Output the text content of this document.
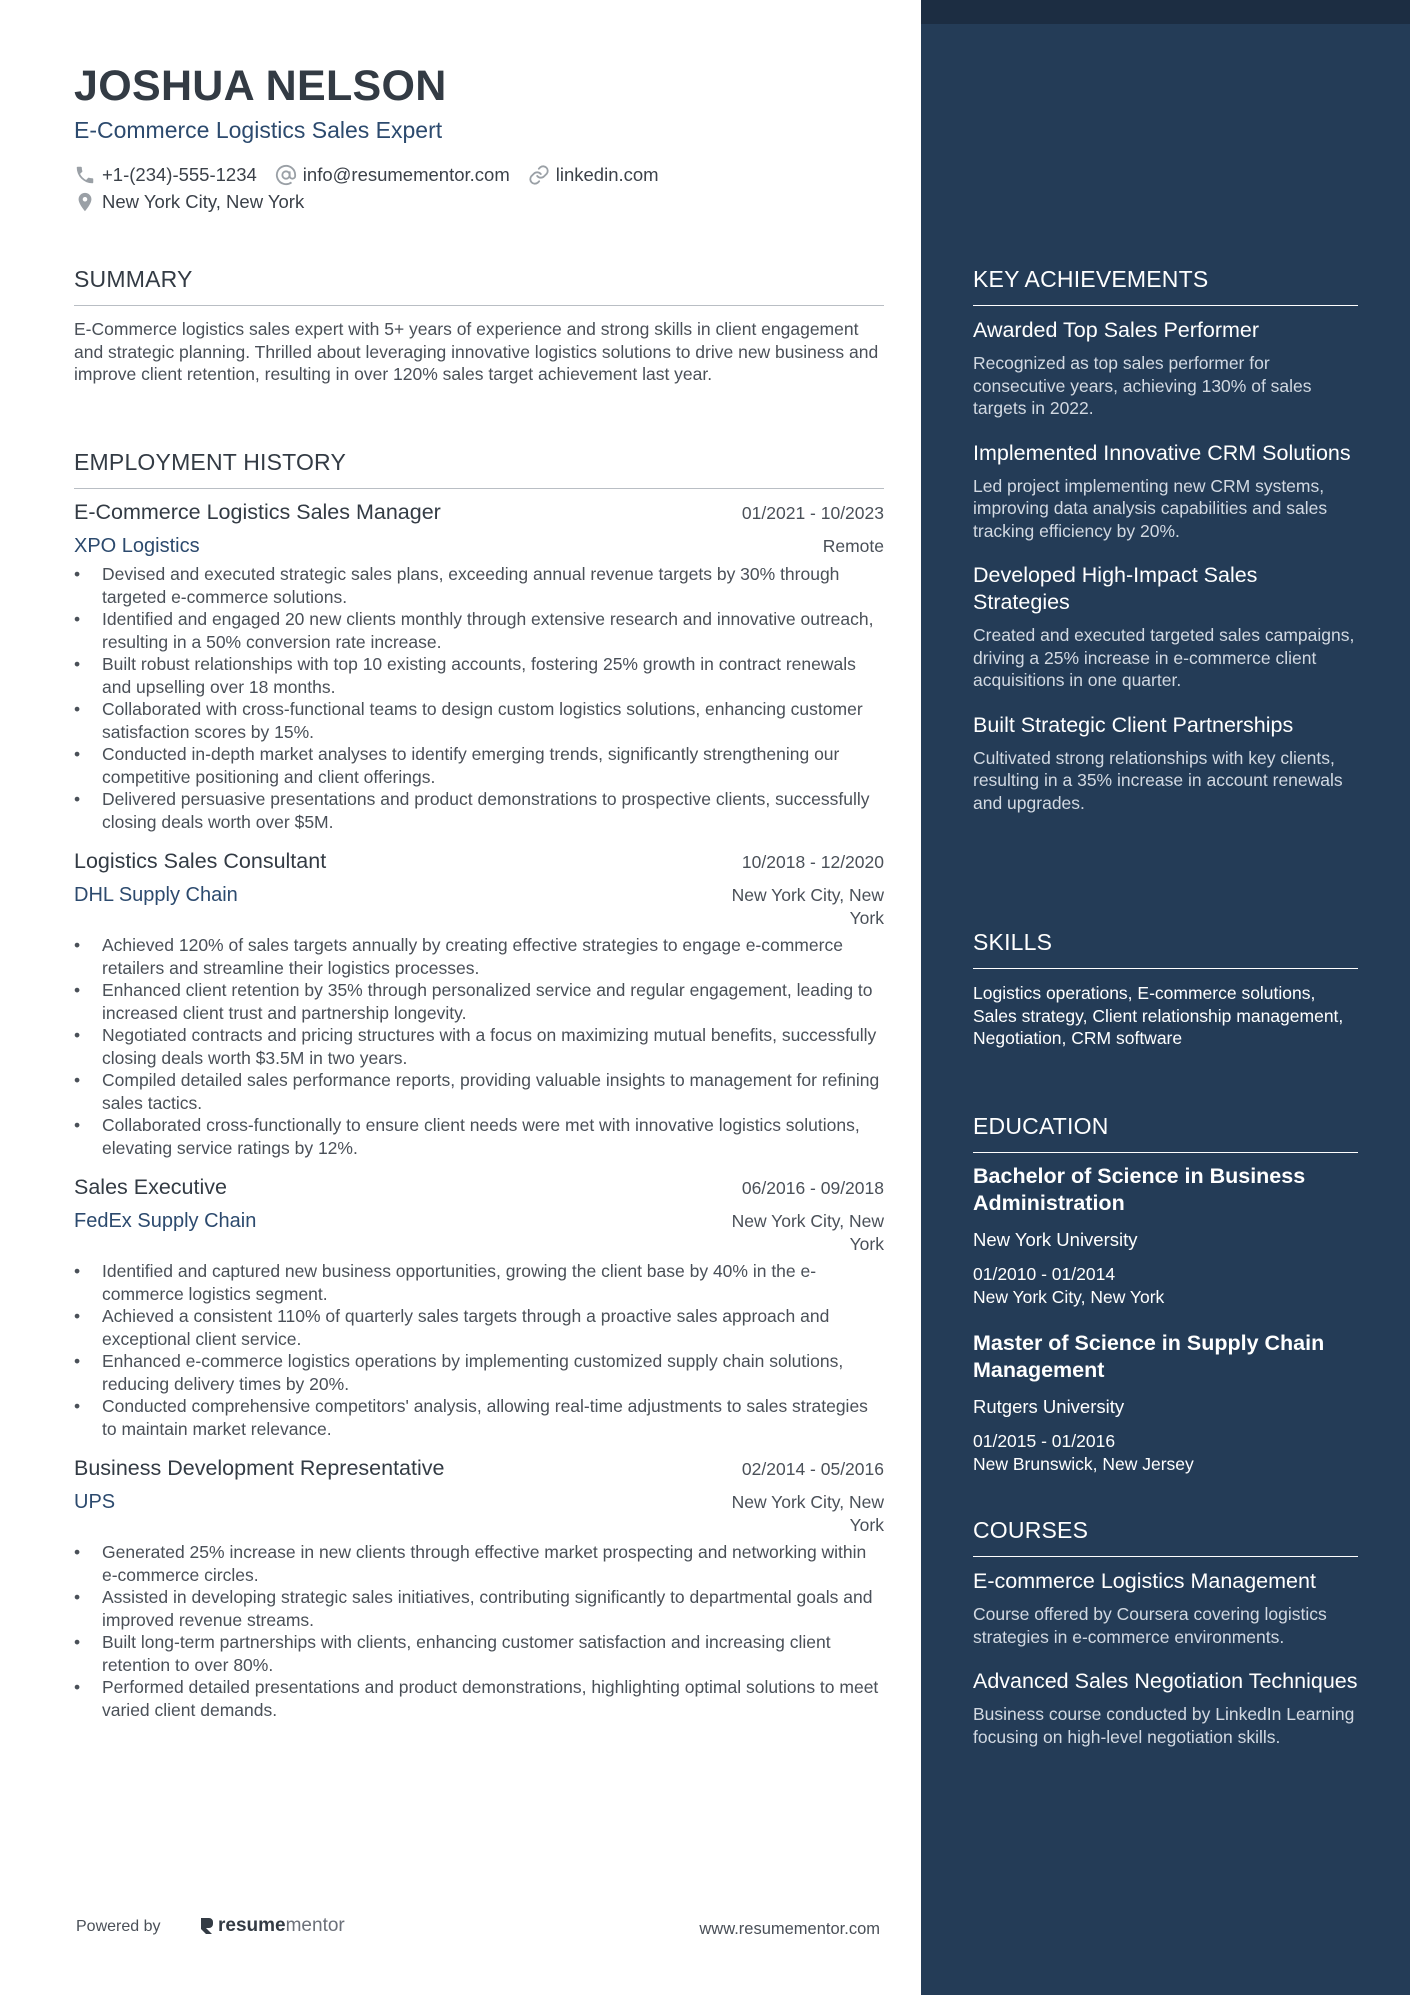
JOSHUA NELSON
E-Commerce Logistics Sales Expert
+1-(234)-555-1234 info@resumementor.com linkedin.com
New York City, New York
SUMMARY
E-Commerce logistics sales expert with 5+ years of experience and strong skills in client engagement and strategic planning. Thrilled about leveraging innovative logistics solutions to drive new business and improve client retention, resulting in over 120% sales target achievement last year.
EMPLOYMENT HISTORY
E-Commerce Logistics Sales Manager	01/2021 - 10/2023
XPO Logistics	Remote
• Devised and executed strategic sales plans, exceeding annual revenue targets by 30% through targeted e-commerce solutions.
• Identified and engaged 20 new clients monthly through extensive research and innovative outreach, resulting in a 50% conversion rate increase.
• Built robust relationships with top 10 existing accounts, fostering 25% growth in contract renewals and upselling over 18 months.
• Collaborated with cross-functional teams to design custom logistics solutions, enhancing customer satisfaction scores by 15%.
• Conducted in-depth market analyses to identify emerging trends, significantly strengthening our competitive positioning and client offerings.
• Delivered persuasive presentations and product demonstrations to prospective clients, successfully closing deals worth over $5M.
Logistics Sales Consultant	10/2018 - 12/2020
DHL Supply Chain	New York City, New York
• Achieved 120% of sales targets annually by creating effective strategies to engage e-commerce retailers and streamline their logistics processes.
• Enhanced client retention by 35% through personalized service and regular engagement, leading to increased client trust and partnership longevity.
• Negotiated contracts and pricing structures with a focus on maximizing mutual benefits, successfully closing deals worth $3.5M in two years.
• Compiled detailed sales performance reports, providing valuable insights to management for refining sales tactics.
• Collaborated cross-functionally to ensure client needs were met with innovative logistics solutions, elevating service ratings by 12%.
Sales Executive	06/2016 - 09/2018
FedEx Supply Chain	New York City, New York
• Identified and captured new business opportunities, growing the client base by 40% in the e-commerce logistics segment.
• Achieved a consistent 110% of quarterly sales targets through a proactive sales approach and exceptional client service.
• Enhanced e-commerce logistics operations by implementing customized supply chain solutions, reducing delivery times by 20%.
• Conducted comprehensive competitors' analysis, allowing real-time adjustments to sales strategies to maintain market relevance.
Business Development Representative	02/2014 - 05/2016
UPS	New York City, New York
• Generated 25% increase in new clients through effective market prospecting and networking within e-commerce circles.
• Assisted in developing strategic sales initiatives, contributing significantly to departmental goals and improved revenue streams.
• Built long-term partnerships with clients, enhancing customer satisfaction and increasing client retention to over 80%.
• Performed detailed presentations and product demonstrations, highlighting optimal solutions to meet varied client demands.
Powered by	resume mentor	www.resumementor.com
KEY ACHIEVEMENTS
Awarded Top Sales Performer
Recognized as top sales performer for consecutive years, achieving 130% of sales targets in 2022.
Implemented Innovative CRM Solutions
Led project implementing new CRM systems, improving data analysis capabilities and sales tracking efficiency by 20%.
Developed High-Impact Sales Strategies
Created and executed targeted sales campaigns, driving a 25% increase in e-commerce client acquisitions in one quarter.
Built Strategic Client Partnerships
Cultivated strong relationships with key clients, resulting in a 35% increase in account renewals and upgrades.
SKILLS
Logistics operations, E-commerce solutions, Sales strategy, Client relationship management, Negotiation, CRM software
EDUCATION
Bachelor of Science in Business Administration
New York University
01/2010 - 01/2014
New York City, New York
Master of Science in Supply Chain Management
Rutgers University
01/2015 - 01/2016
New Brunswick, New Jersey
COURSES
E-commerce Logistics Management
Course offered by Coursera covering logistics strategies in e-commerce environments.
Advanced Sales Negotiation Techniques
Business course conducted by LinkedIn Learning focusing on high-level negotiation skills.
